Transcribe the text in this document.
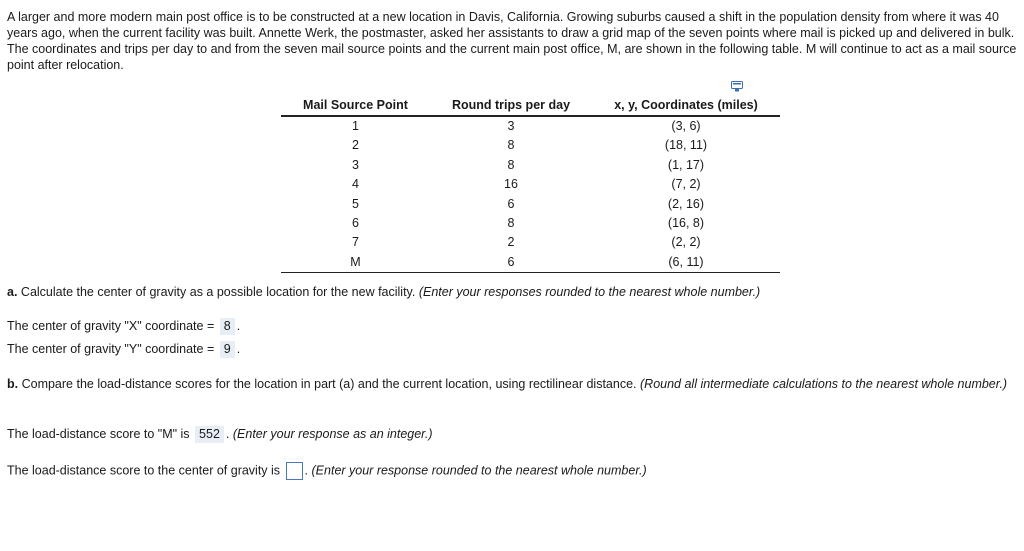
A larger and more modern main post office is to be constructed at a new location in Davis, California. Growing suburbs caused a shift in the population density from where it was 40 years ago, when the current facility was built. Annette Werk, the postmaster, asked her assistants to draw a grid map of the seven points where mail is picked up and delivered in bulk. The coordinates and trips per day to and from the seven mail source points and the current main post office, M, are shown in the following table. M will continue to act as a mail source point after relocation.
Mail Source Point	Round trips per day	x, y, Coordinates (miles)
1	3	(3, 6)
2	8	(18, 11)
3	8	(1, 17)
4	16	(7, 2)
5	6	(2, 16)
6	8	(16, 8)
7	2	(2, 2)
M	6	(6, 11)
a. Calculate the center of gravity as a possible location for the new facility. (Enter your responses rounded to the nearest whole number.)
The center of gravity "X" coordinate = 8 .
The center of gravity "Y" coordinate = 9 .
b. Compare the load-distance scores for the location in part (a) and the current location, using rectilinear distance. (Round all intermediate calculations to the nearest whole number.)
The load-distance score to "M" is 552 . (Enter your response as an integer.)
The load-distance score to the center of gravity is . (Enter your response rounded to the nearest whole number.)
